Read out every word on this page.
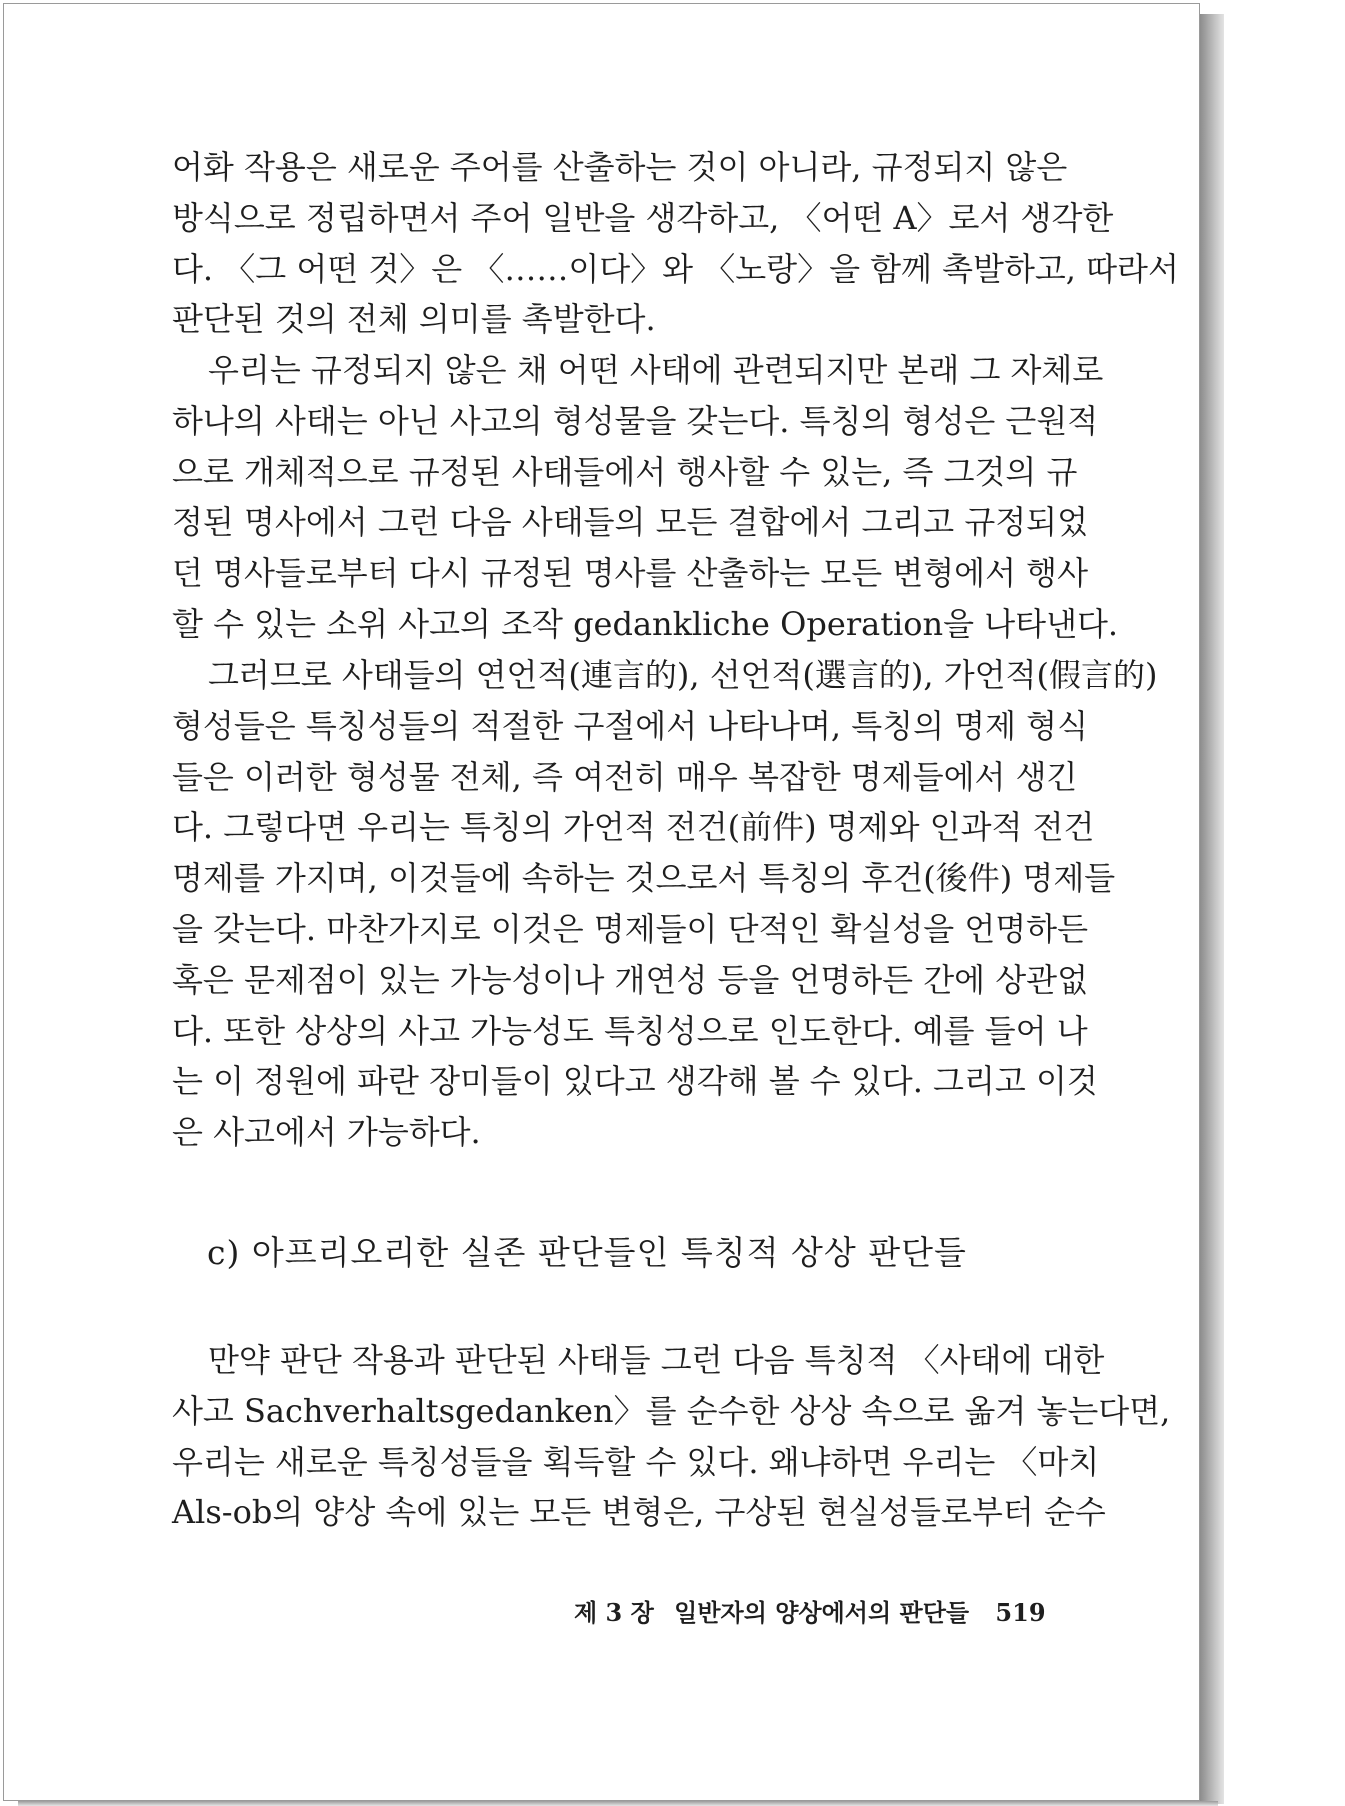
어화 작용은 새로운 주어를 산출하는 것이 아니라, 규정되지 않은
방식으로 정립하면서 주어 일반을 생각하고, 〈어떤 A〉로서 생각한
다. 〈그 어떤 것〉은 〈……이다〉와 〈노랑〉을 함께 촉발하고, 따라서
판단된 것의 전체 의미를 촉발한다.
우리는 규정되지 않은 채 어떤 사태에 관련되지만 본래 그 자체로
하나의 사태는 아닌 사고의 형성물을 갖는다. 특칭의 형성은 근원적
으로 개체적으로 규정된 사태들에서 행사할 수 있는, 즉 그것의 규
정된 명사에서 그런 다음 사태들의 모든 결합에서 그리고 규정되었
던 명사들로부터 다시 규정된 명사를 산출하는 모든 변형에서 행사
할 수 있는 소위 사고의 조작 gedankliche Operation을 나타낸다.
그러므로 사태들의 연언적(連言的), 선언적(選言的), 가언적(假言的)
형성들은 특칭성들의 적절한 구절에서 나타나며, 특칭의 명제 형식
들은 이러한 형성물 전체, 즉 여전히 매우 복잡한 명제들에서 생긴
다. 그렇다면 우리는 특칭의 가언적 전건(前件) 명제와 인과적 전건
명제를 가지며, 이것들에 속하는 것으로서 특칭의 후건(後件) 명제들
을 갖는다. 마찬가지로 이것은 명제들이 단적인 확실성을 언명하든
혹은 문제점이 있는 가능성이나 개연성 등을 언명하든 간에 상관없
다. 또한 상상의 사고 가능성도 특칭성으로 인도한다. 예를 들어 나
는 이 정원에 파란 장미들이 있다고 생각해 볼 수 있다. 그리고 이것
은 사고에서 가능하다.
c) 아프리오리한 실존 판단들인 특칭적 상상 판단들
만약 판단 작용과 판단된 사태들 그런 다음 특칭적 〈사태에 대한
사고 Sachverhaltsgedanken〉를 순수한 상상 속으로 옮겨 놓는다면,
우리는 새로운 특칭성들을 획득할 수 있다. 왜냐하면 우리는 〈마치
Als-ob의 양상 속에 있는 모든 변형은, 구상된 현실성들로부터 순수
제 3 장 일반자의 양상에서의 판단들 519
